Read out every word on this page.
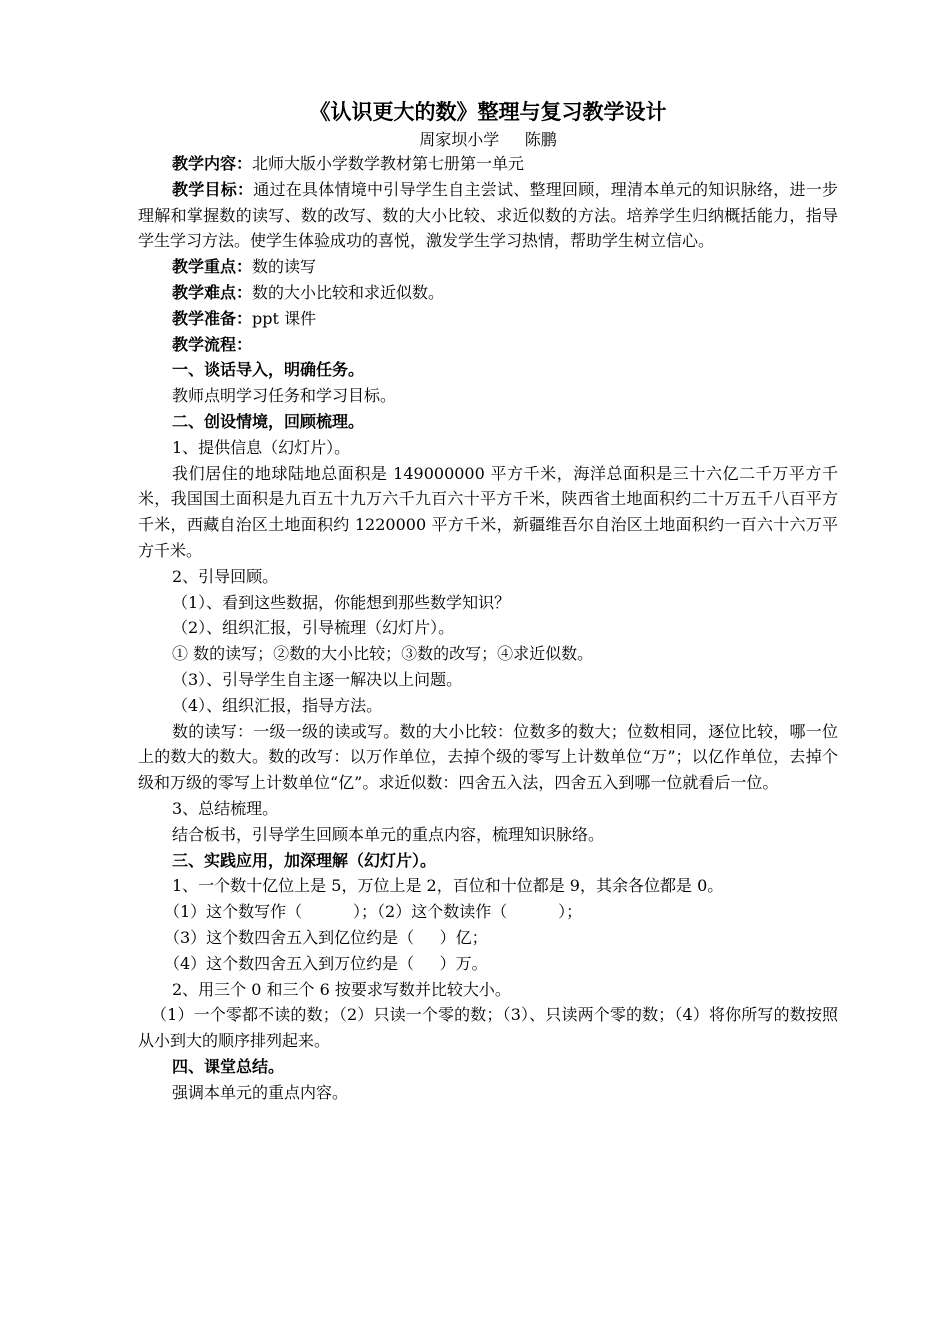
《认识更大的数》整理与复习教学设计
周家坝小学     陈鹏

教学内容：北师大版小学数学教材第七册第一单元

教学目标：通过在具体情境中引导学生自主尝试、整理回顾，理清本单元的知识脉络，进一步理解和掌握数的读写、数的改写、数的大小比较、求近似数的方法。培养学生归纳概括能力，指导学生学习方法。使学生体验成功的喜悦，激发学生学习热情，帮助学生树立信心。

教学重点：数的读写

教学难点：数的大小比较和求近似数。

教学准备：ppt 课件

教学流程：

一、谈话导入，明确任务。

教师点明学习任务和学习目标。

二、创设情境，回顾梳理。

1、提供信息（幻灯片）。

我们居住的地球陆地总面积是 149000000 平方千米，海洋总面积是三十六亿二千万平方千米，我国国土面积是九百五十九万六千九百六十平方千米，陕西省土地面积约二十万五千八百平方千米，西藏自治区土地面积约 1220000 平方千米，新疆维吾尔自治区土地面积约一百六十六万平方千米。

2、引导回顾。

（1）、看到这些数据，你能想到那些数学知识？

（2）、组织汇报，引导梳理（幻灯片）。

① 数的读写；②数的大小比较；③数的改写；④求近似数。

（3）、引导学生自主逐一解决以上问题。

（4）、组织汇报，指导方法。

数的读写：一级一级的读或写。数的大小比较：位数多的数大；位数相同，逐位比较，哪一位上的数大的数大。数的改写：以万作单位，去掉个级的零写上计数单位“万”；以亿作单位，去掉个级和万级的零写上计数单位“亿”。求近似数：四舍五入法，四舍五入到哪一位就看后一位。

3、总结梳理。

结合板书，引导学生回顾本单元的重点内容，梳理知识脉络。

三、实践应用，加深理解（幻灯片）。

1、一个数十亿位上是 5，万位上是 2，百位和十位都是 9，其余各位都是 0。

（1）这个数写作（          ）；（2）这个数读作（          ）；

（3）这个数四舍五入到亿位约是（     ）亿；

（4）这个数四舍五入到万位约是（     ）万。

2、用三个 0 和三个 6 按要求写数并比较大小。

（1）一个零都不读的数；（2）只读一个零的数；（3）、只读两个零的数；（4）将你所写的数按照从小到大的顺序排列起来。

四、课堂总结。

强调本单元的重点内容。
